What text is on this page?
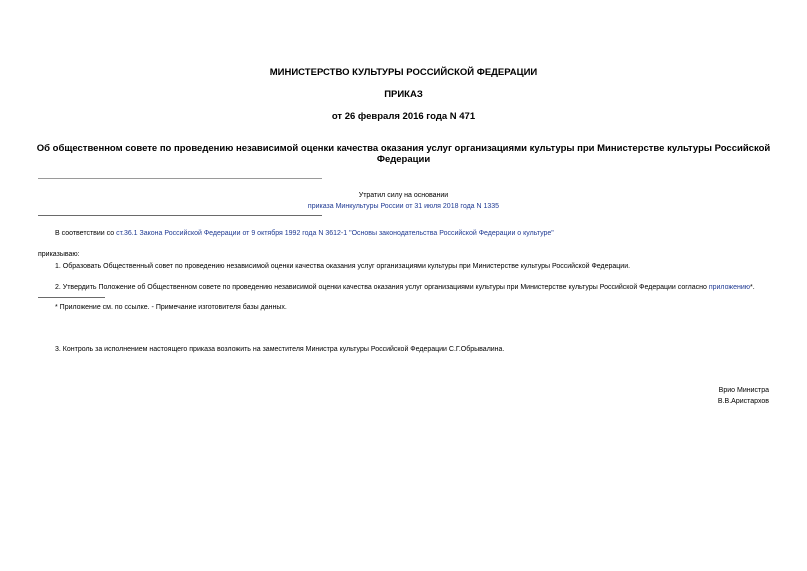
МИНИСТЕРСТВО КУЛЬТУРЫ РОССИЙСКОЙ ФЕДЕРАЦИИ
ПРИКАЗ
от 26 февраля 2016 года N 471
Об общественном совете по проведению независимой оценки качества оказания услуг организациями культуры при Министерстве культуры Российской
Федерации
Утратил силу на основании
приказа Минкультуры России от 31 июля 2018 года N 1335
В соответствии со ст.36.1 Закона Российской Федерации от 9 октября 1992 года N 3612-1 "Основы законодательства Российской Федерации о культуре"
приказываю:
1. Образовать Общественный совет по проведению независимой оценки качества оказания услуг организациями культуры при Министерстве культуры Российской Федерации.
2. Утвердить Положение об Общественном совете по проведению независимой оценки качества оказания услуг организациями культуры при Министерстве культуры Российской Федерации согласно приложению*.
* Приложение см. по ссылке. - Примечание изготовителя базы данных.
3. Контроль за исполнением настоящего приказа возложить на заместителя Министра культуры Российской Федерации С.Г.Обрывалина.
Врио Министра
В.В.Аристархов
